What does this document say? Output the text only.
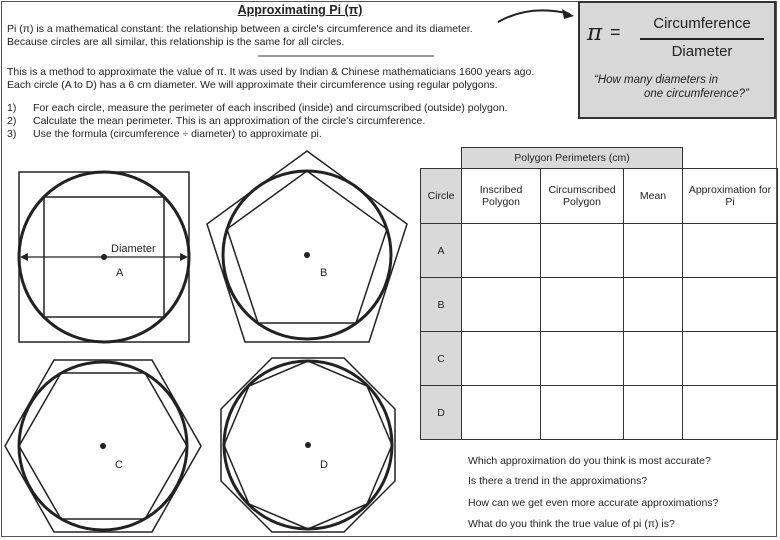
Approximating Pi (π)
Pi (π) is a mathematical constant: the relationship between a circle's circumference and its diameter.
Because circles are all similar, this relationship is the same for all circles.
This is a method to approximate the value of π. It was used by Indian & Chinese mathematicians 1600 years ago.
Each circle (A to D) has a 6 cm diameter. We will approximate their circumference using regular polygons.
1)	For each circle, measure the perimeter of each inscribed (inside) and circumscribed (outside) polygon.
2)	Calculate the mean perimeter. This is an approximation of the circle's circumference.
3)	Use the formula (circumference ÷ diameter) to approximate pi.
π =	Circumference
Diameter
“How many diameters in
one circumference?”
Diameter
A	B
C	D
	Polygon Perimeters (cm)			
Circle	Inscribed Polygon	Circumscribed Polygon	Mean	Approximation for Pi
A				
B				
C				
D				
Which approximation do you think is most accurate?
Is there a trend in the approximations?
How can we get even more accurate approximations?
What do you think the true value of pi (π) is?
